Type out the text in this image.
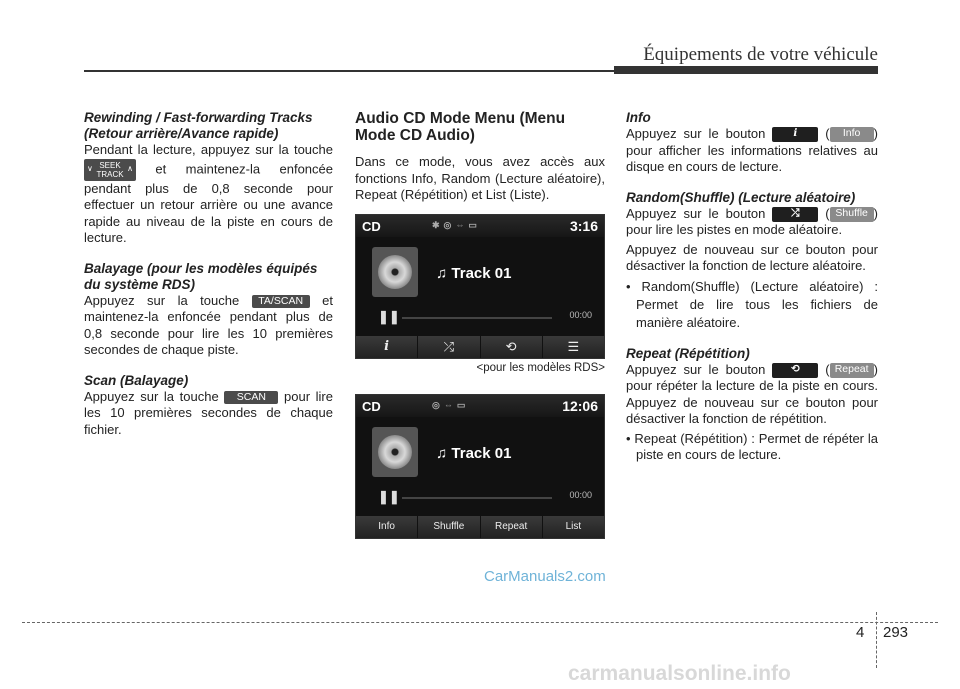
Équipements de votre véhicule
Rewinding / Fast-forwarding Tracks (Retour arrière/Avance rapide)

Pendant la lecture, appuyez sur la touche
∨ SEEK
TRACK
∧ et maintenez-la enfoncée pendant plus de 0,8 seconde pour effectuer un retour arrière ou une avance rapide au niveau de la piste en cours de lecture.

Balayage (pour les modèles équipés du système RDS)

Appuyez sur la touche TA/SCAN et maintenez-la enfoncée pendant plus de 0,8 seconde pour lire les 10 premières secondes de chaque piste.

Scan (Balayage)

Appuyez sur la touche SCAN pour lire les 10 premières secondes de chaque fichier.

Audio CD Mode Menu (Menu Mode CD Audio)

Dans ce mode, vous avez accès aux fonctions Info, Random (Lecture aléatoire), Repeat (Répétition) et List (Liste).

CD	✱◎⇔▭	3:16
♫ Track 01
❚❚	00:00
i	⤮	⟲	☰
<pour les modèles RDS>
CD	◎⇔▭	12:06
♫ Track 01
❚❚	00:00
Info	Shuffle	Repeat	List
Info

Appuyez sur le bouton	i ( Info ) pour afficher les informations relatives au disque en cours de lecture.

Random(Shuffle) (Lecture aléatoire)

Appuyez sur le bouton ⤮ ( Shuffle ) pour lire les pistes en mode aléatoire.

Appuyez de nouveau sur ce bouton pour désactiver la fonction de lecture aléatoire.

• Random(Shuffle) (Lecture aléatoire) : Permet de lire tous les fichiers de manière aléatoire.

Repeat (Répétition)

Appuyez sur le bouton ⟲ ( Repeat ) pour répéter la lecture de la piste en cours. Appuyez de nouveau sur ce bouton pour désactiver la fonction de répétition.

• Repeat (Répétition) : Permet de répéter la piste en cours de lecture.

CarManuals2.com
4 293
carmanualsonline.info
